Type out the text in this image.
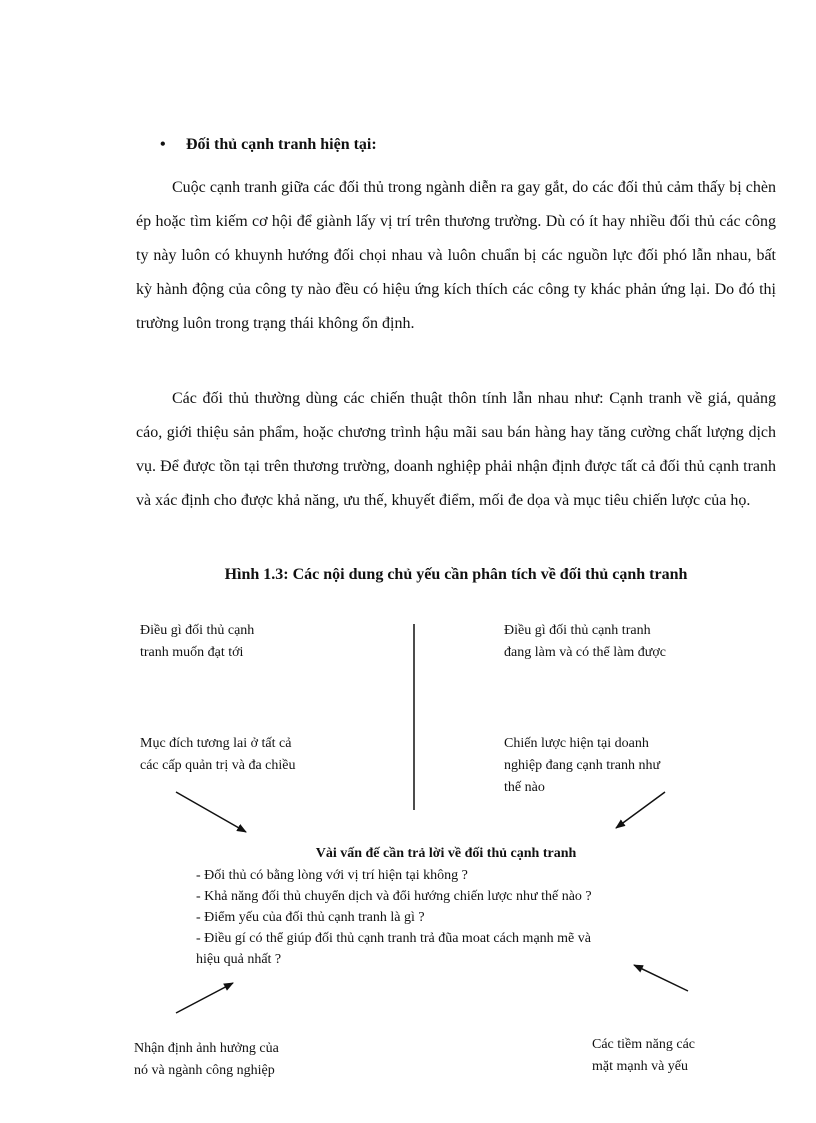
• Đối thủ cạnh tranh hiện tại:

Cuộc cạnh tranh giữa các đối thủ trong ngành diễn ra gay gắt, do các đối thủ cảm thấy bị chèn ép hoặc tìm kiếm cơ hội để giành lấy vị trí trên thương trường. Dù có ít hay nhiều đối thủ các công ty này luôn có khuynh hướng đối chọi nhau và luôn chuẩn bị các nguồn lực đối phó lẫn nhau, bất kỳ hành động của công ty nào đều có hiệu ứng kích thích các công ty khác phản ứng lại. Do đó thị trường luôn trong trạng thái không ổn định.

Các đối thủ thường dùng các chiến thuật thôn tính lẫn nhau như: Cạnh tranh về giá, quảng cáo, giới thiệu sản phẩm, hoặc chương trình hậu mãi sau bán hàng hay tăng cường chất lượng dịch vụ. Để được tồn tại trên thương trường, doanh nghiệp phải nhận định được tất cả đối thủ cạnh tranh và xác định cho được khả năng, ưu thế, khuyết điểm, mối đe dọa và mục tiêu chiến lược của họ.

Hình 1.3: Các nội dung chủ yếu cần phân tích về đối thủ cạnh tranh

Điều gì đối thủ cạnh
tranh muốn đạt tới
Điều gì đối thủ cạnh tranh
đang làm và có thể làm được
Mục đích tương lai ở tất cả
các cấp quản trị và đa chiều
Chiến lược hiện tại doanh
nghiệp đang cạnh tranh như
thế nào

Vài vấn đế cần trả lời về đối thủ cạnh tranh

- Đối thủ có bằng lòng với vị trí hiện tại không ?

- Khả năng đối thủ chuyển dịch và đổi hướng chiến lược như thế nào ?

- Điểm yếu của đối thủ cạnh tranh là gì ?

- Điều gí có thể giúp đối thủ cạnh tranh trả đũa moat cách mạnh mẽ và

hiệu quả nhất ?

Nhận định ảnh hưởng của
nó và ngành công nghiệp
Các tiềm năng các
mặt mạnh và yếu
